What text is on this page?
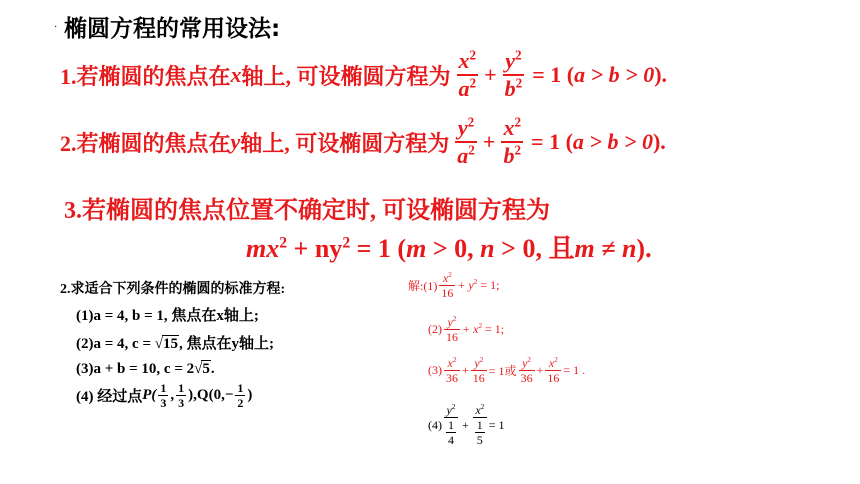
· 椭圆方程的常用设法:
1.若椭圆的焦点在 x 轴上, 可设椭圆方程为 $\frac{x^2}{a^2} + \frac{y^2}{b^2} = 1$ ( a > b > 0 ).
2.若椭圆的焦点在 y 轴上, 可设椭圆方程为 $\frac{y^2}{a^2} + \frac{x^2}{b^2} = 1$ ( a > b > 0 ).
3.若椭圆的焦点位置不确定时, 可设椭圆方程为
$mx^2 + ny^2 = 1$ (m > 0, n > 0, 且m ≠ n).
2.求适合下列条件的椭圆的标准方程:
(1)a = 4, b = 1, 焦点在x轴上;
(2)a = 4, c = √15, 焦点在y轴上;
(3)a + b = 10, c = 2√5.
(4) 经过点 $P( \frac{1}{3}$ , $\frac{1}{3} ),Q(0,- \frac{1}{2}$ )
解:(1) $\frac{x^2}{16} + y^2 = 1$;
$(2) \frac{y^2}{16} + x^2 = 1$;
$(3) \frac{x^2}{36} + \frac{y^2}{16} = 1$或 $\frac{y^2}{36} + \frac{x^2}{16} = 1$ .
$(4) \frac{y^2}{\frac{1}{4}} + \frac{x^2}{\frac{1}{5}} = 1$
